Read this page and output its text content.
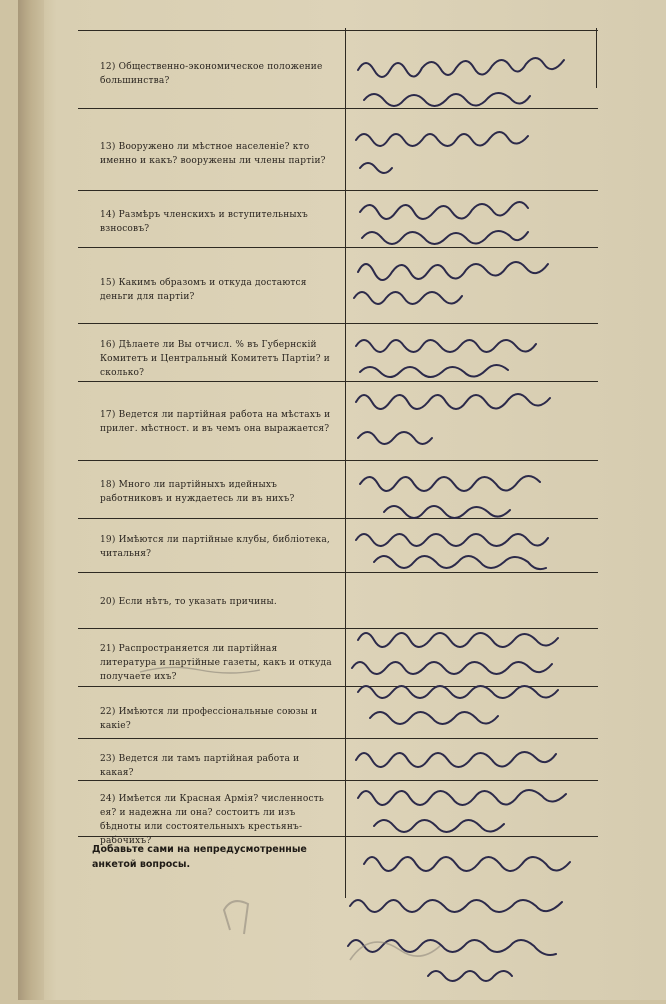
12) Общественно-экономическое положение большинства?
13) Вооружено ли мѣстное населеніе? кто именно и какъ? вооружены ли члены партіи?
14) Размѣръ членскихъ и вступительныхъ взносовъ?
15) Какимъ образомъ и откуда достаются деньги для партіи?
16) Дѣлаете ли Вы отчисл. % въ Губернскій Комитетъ и Центральный Комитетъ Партіи? и сколько?
17) Ведется ли партійная работа на мѣстахъ и прилег. мѣстност. и въ чемъ она выражается?
18) Много ли партійныхъ идейныхъ работниковъ и нуждаетесь ли въ нихъ?
19) Имѣются ли партійные клубы, библіотека, читальня?
20) Если нѣтъ, то указать причины.
21) Распространяется ли партійная литература и партійные газеты, какъ и откуда получаете ихъ?
22) Имѣются ли профессіональные союзы и какіе?
23) Ведется ли тамъ партійная работа и какая?
24) Имѣется ли Красная Армія? численность ея? и надежна ли она? состоитъ ли изъ бѣдноты или состоятельныхъ крестьянъ-рабочихъ?
Добавьте сами на непредусмотренные анкетой вопросы.
